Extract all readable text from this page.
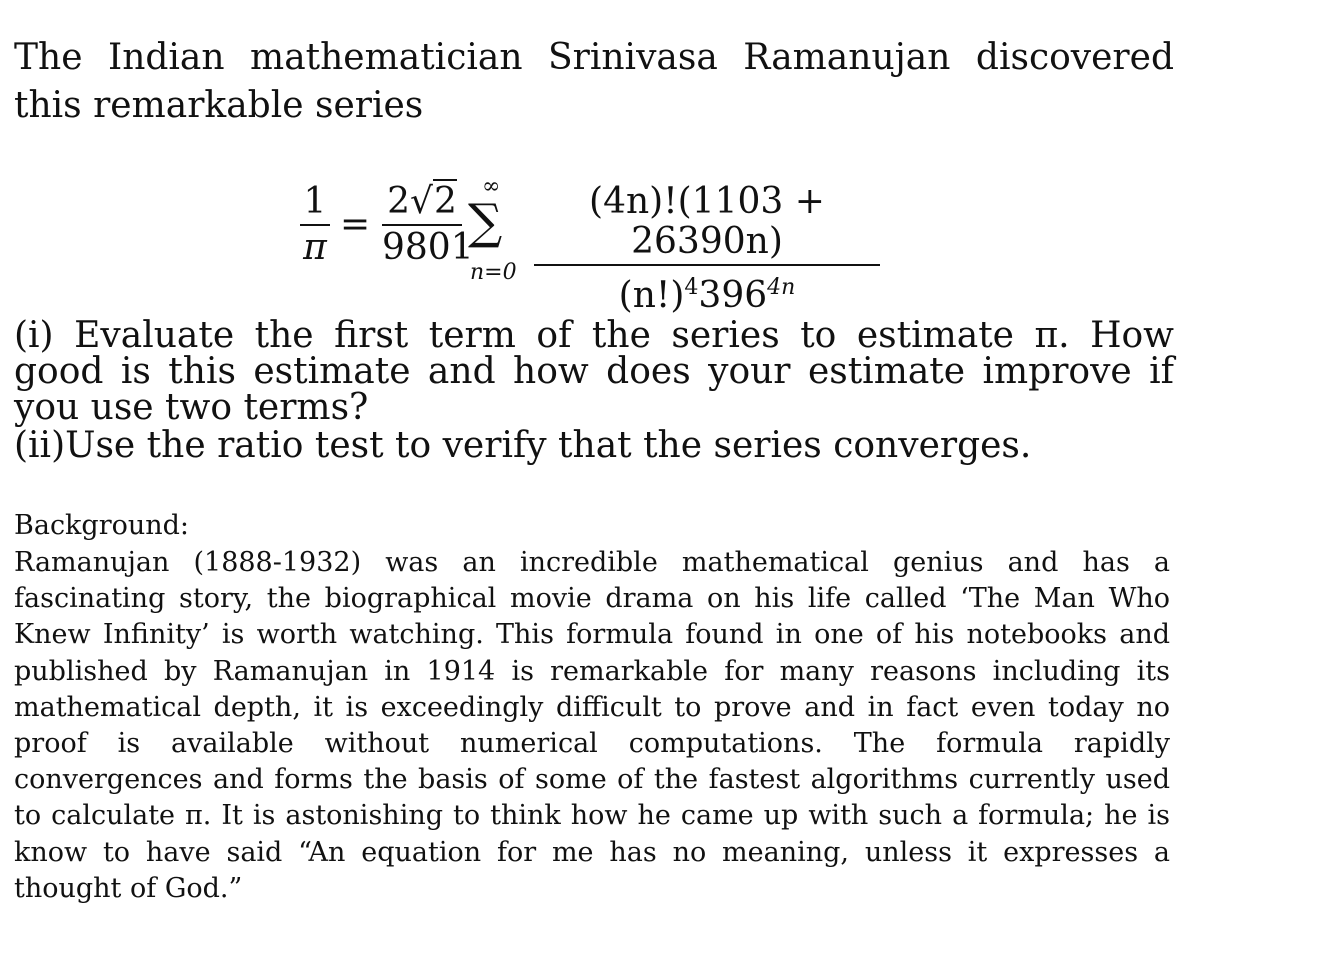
The Indian mathematician Srinivasa Ramanujan discovered this remarkable series
1
π
=
2√2
9801
∞
∑
n=0
(4n)!(1103 + 26390n)
$(n!)^4396^{4n}$
(i) Evaluate the first term of the series to estimate π. How good is this estimate and how does your estimate improve if you use two terms?
(ii)Use the ratio test to verify that the series converges.
Background:
Ramanujan (1888-1932) was an incredible mathematical genius and has a fascinating story, the biographical movie drama on his life called ‘The Man Who Knew Infinity’ is worth watching. This formula found in one of his notebooks and published by Ramanujan in 1914 is remarkable for many reasons including its mathematical depth, it is exceedingly difficult to prove and in fact even today no proof is available without numerical computations. The formula rapidly convergences and forms the basis of some of the fastest algorithms currently used to calculate π. It is astonishing to think how he came up with such a formula; he is know to have said “An equation for me has no meaning, unless it expresses a thought of God.”
